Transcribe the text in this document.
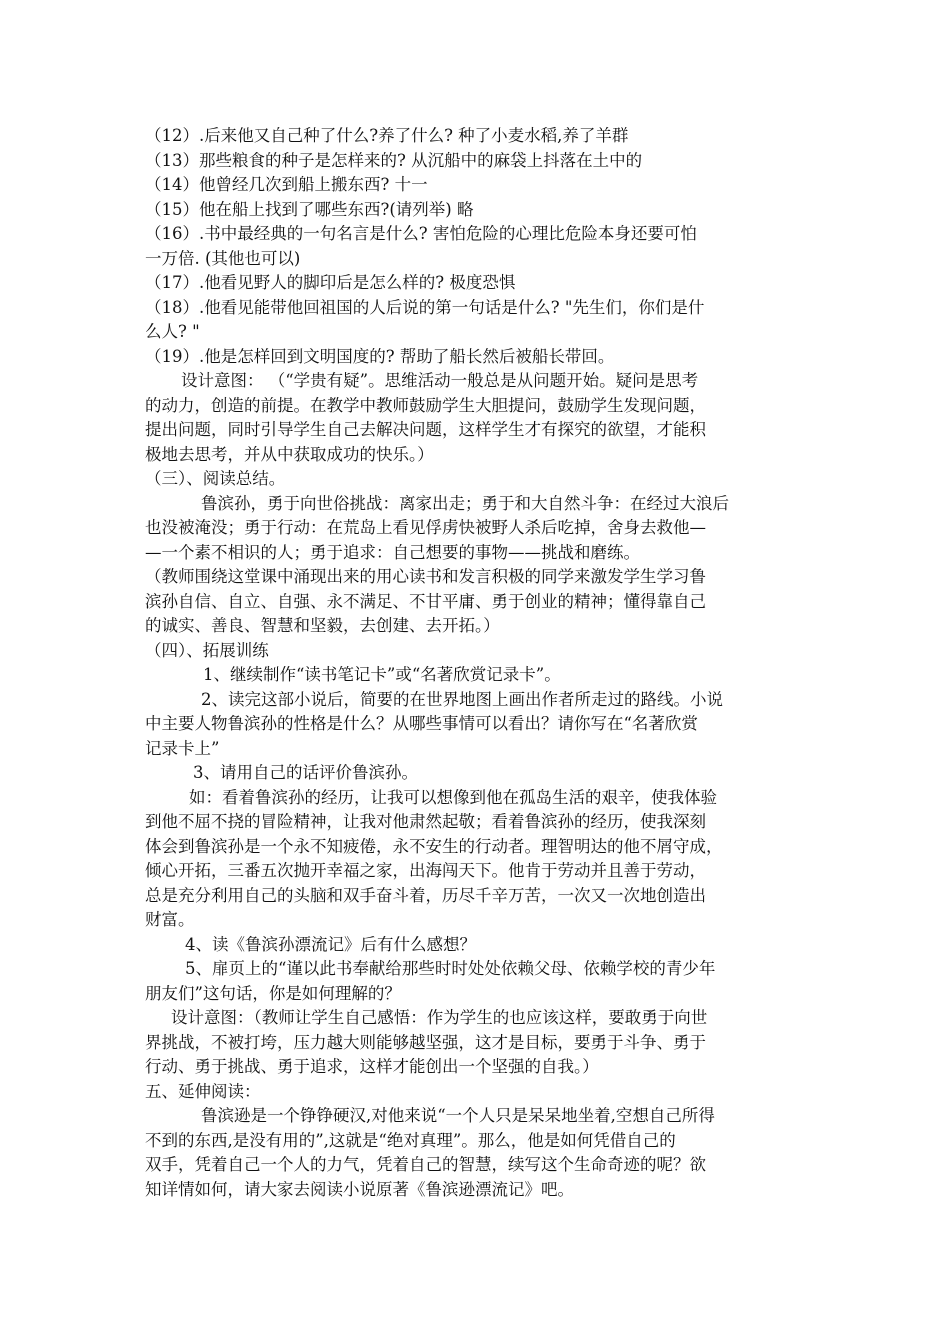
（12）.后来他又自己种了什么?养了什么? 种了小麦水稻,养了羊群
（13）那些粮食的种子是怎样来的? 从沉船中的麻袋上抖落在土中的
（14）他曾经几次到船上搬东西? 十一
（15）他在船上找到了哪些东西?(请列举) 略
（16）.书中最经典的一句名言是什么? 害怕危险的心理比危险本身还要可怕
一万倍. (其他也可以)
（17）.他看见野人的脚印后是怎么样的? 极度恐惧
（18）.他看见能带他回祖国的人后说的第一句话是什么? "先生们，你们是什
么人? "
（19）.他是怎样回到文明国度的? 帮助了船长然后被船长带回。
设计意图： （“学贵有疑”。思维活动一般总是从问题开始。疑问是思考
的动力，创造的前提。在教学中教师鼓励学生大胆提问，鼓励学生发现问题，
提出问题，同时引导学生自己去解决问题，这样学生才有探究的欲望，才能积
极地去思考，并从中获取成功的快乐。）
（三）、阅读总结。
鲁滨孙，勇于向世俗挑战：离家出走；勇于和大自然斗争：在经过大浪后
也没被淹没；勇于行动：在荒岛上看见俘虏快被野人杀后吃掉，舍身去救他—
—一个素不相识的人；勇于追求：自己想要的事物——挑战和磨练。
（教师围绕这堂课中涌现出来的用心读书和发言积极的同学来激发学生学习鲁
滨孙自信、自立、自强、永不满足、不甘平庸、勇于创业的精神；懂得靠自己
的诚实、善良、智慧和坚毅，去创建、去开拓。）
（四）、拓展训练
1、继续制作“读书笔记卡”或“名著欣赏记录卡”。
2、读完这部小说后，简要的在世界地图上画出作者所走过的路线。小说
中主要人物鲁滨孙的性格是什么？从哪些事情可以看出？请你写在“名著欣赏
记录卡上”
3、请用自己的话评价鲁滨孙。
如：看着鲁滨孙的经历，让我可以想像到他在孤岛生活的艰辛，使我体验
到他不屈不挠的冒险精神，让我对他肃然起敬；看着鲁滨孙的经历，使我深刻
体会到鲁滨孙是一个永不知疲倦，永不安生的行动者。理智明达的他不屑守成，
倾心开拓，三番五次抛开幸福之家，出海闯天下。他肯于劳动并且善于劳动，
总是充分利用自己的头脑和双手奋斗着，历尽千辛万苦，一次又一次地创造出
财富。
4、读《鲁滨孙漂流记》后有什么感想？
5、扉页上的“谨以此书奉献给那些时时处处依赖父母、依赖学校的青少年
朋友们”这句话，你是如何理解的？
设计意图：（教师让学生自己感悟：作为学生的也应该这样，要敢勇于向世
界挑战，不被打垮，压力越大则能够越坚强，这才是目标，要勇于斗争、勇于
行动、勇于挑战、勇于追求，这样才能创出一个坚强的自我。）
五、延伸阅读：
鲁滨逊是一个铮铮硬汉,对他来说“一个人只是呆呆地坐着,空想自己所得
不到的东西,是没有用的”,这就是“绝对真理”。那么，他是如何凭借自己的
双手，凭着自己一个人的力气，凭着自己的智慧，续写这个生命奇迹的呢？欲
知详情如何，请大家去阅读小说原著《鲁滨逊漂流记》吧。
